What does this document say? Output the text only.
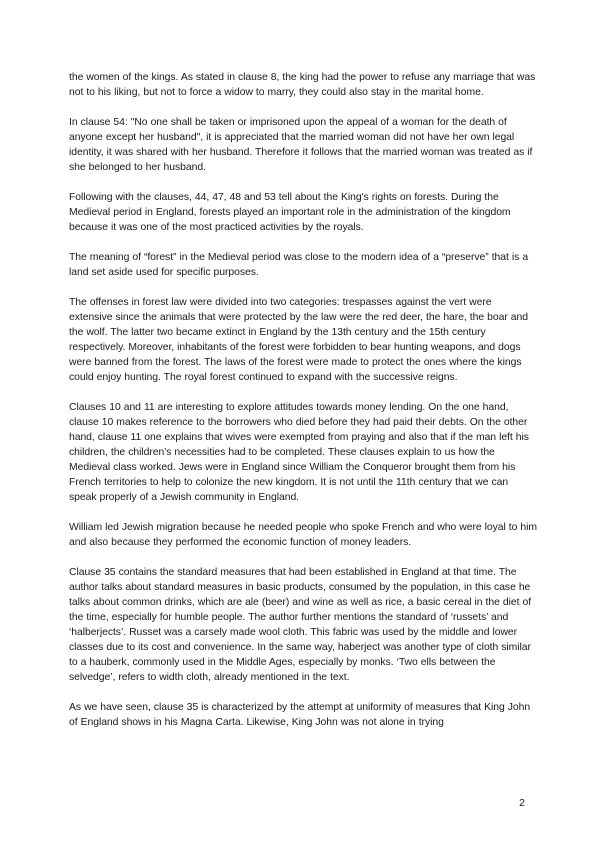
the women of the kings. As stated in clause 8, the king had the power to refuse any marriage that was not to his liking, but not to force a widow to marry, they could also stay in the marital home.

In clause 54: "No one shall be taken or imprisoned upon the appeal of a woman for the death of anyone except her husband", it is appreciated that the married woman did not have her own legal identity, it was shared with her husband. Therefore it follows that the married woman was treated as if she belonged to her husband.

Following with the clauses, 44, 47, 48 and 53 tell about the King's rights on forests. During the Medieval period in England, forests played an important role in the administration of the kingdom because it was one of the most practiced activities by the royals.

The meaning of “forest” in the Medieval period was close to the modern idea of a “preserve” that is a land set aside used for specific purposes.

The offenses in forest law were divided into two categories: trespasses against the vert were extensive since the animals that were protected by the law were the red deer, the hare, the boar and the wolf. The latter two became extinct in England by the 13th century and the 15th century respectively. Moreover, inhabitants of the forest were forbidden to bear hunting weapons, and dogs were banned from the forest. The laws of the forest were made to protect the ones where the kings could enjoy hunting. The royal forest continued to expand with the successive reigns.

Clauses 10 and 11 are interesting to explore attitudes towards money lending. On the one hand, clause 10 makes reference to the borrowers who died before they had paid their debts. On the other hand, clause 11 one explains that wives were exempted from praying and also that if the man left his children, the children’s necessities had to be completed. These clauses explain to us how the Medieval class worked. Jews were in England since William the Conqueror brought them from his French territories to help to colonize the new kingdom. It is not until the 11th century that we can speak properly of a Jewish community in England.

William led Jewish migration because he needed people who spoke French and who were loyal to him and also because they performed the economic function of money leaders.

Clause 35 contains the standard measures that had been established in England at that time. The author talks about standard measures in basic products, consumed by the population, in this case he talks about common drinks, which are ale (beer) and wine as well as rice, a basic cereal in the diet of the time, especially for humble people. The author further mentions the standard of ‘russets’ and ‘halberjects’. Russet was a carsely made wool cloth. This fabric was used by the middle and lower classes due to its cost and convenience. In the same way, haberject was another type of cloth similar to a hauberk, commonly used in the Middle Ages, especially by monks. ‘Two ells between the selvedge’, refers to width cloth, already mentioned in the text.

As we have seen, clause 35 is characterized by the attempt at uniformity of measures that King John of England shows in his Magna Carta. Likewise, King John was not alone in trying

2
